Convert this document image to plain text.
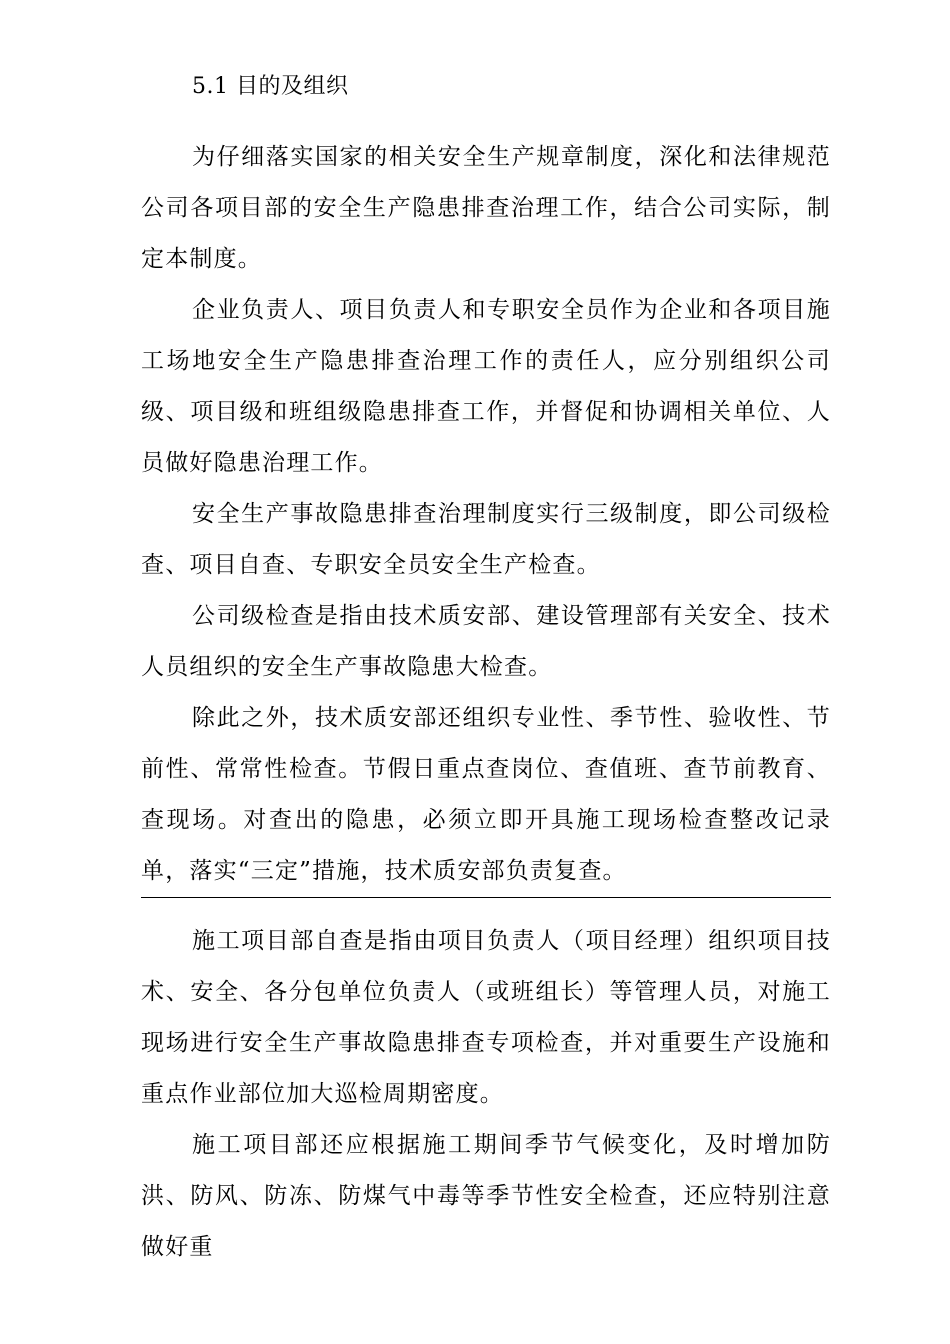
5.1 目的及组织

为仔细落实国家的相关安全生产规章制度，深化和法律规范公司各项目部的安全生产隐患排查治理工作，结合公司实际，制定本制度。

企业负责人、项目负责人和专职安全员作为企业和各项目施工场地安全生产隐患排查治理工作的责任人，应分别组织公司级、项目级和班组级隐患排查工作，并督促和协调相关单位、人员做好隐患治理工作。

安全生产事故隐患排查治理制度实行三级制度，即公司级检查、项目自查、专职安全员安全生产检查。

公司级检查是指由技术质安部、建设管理部有关安全、技术人员组织的安全生产事故隐患大检查。

除此之外，技术质安部还组织专业性、季节性、验收性、节前性、常常性检查。节假日重点查岗位、查值班、查节前教育、查现场。对查出的隐患，必须立即开具施工现场检查整改记录单，落实“三定”措施，技术质安部负责复查。

施工项目部自查是指由项目负责人（项目经理）组织项目技术、安全、各分包单位负责人（或班组长）等管理人员，对施工现场进行安全生产事故隐患排查专项检查，并对重要生产设施和重点作业部位加大巡检周期密度。

施工项目部还应根据施工期间季节气候变化，及时增加防洪、防风、防冻、防煤气中毒等季节性安全检查，还应特别注意做好重
